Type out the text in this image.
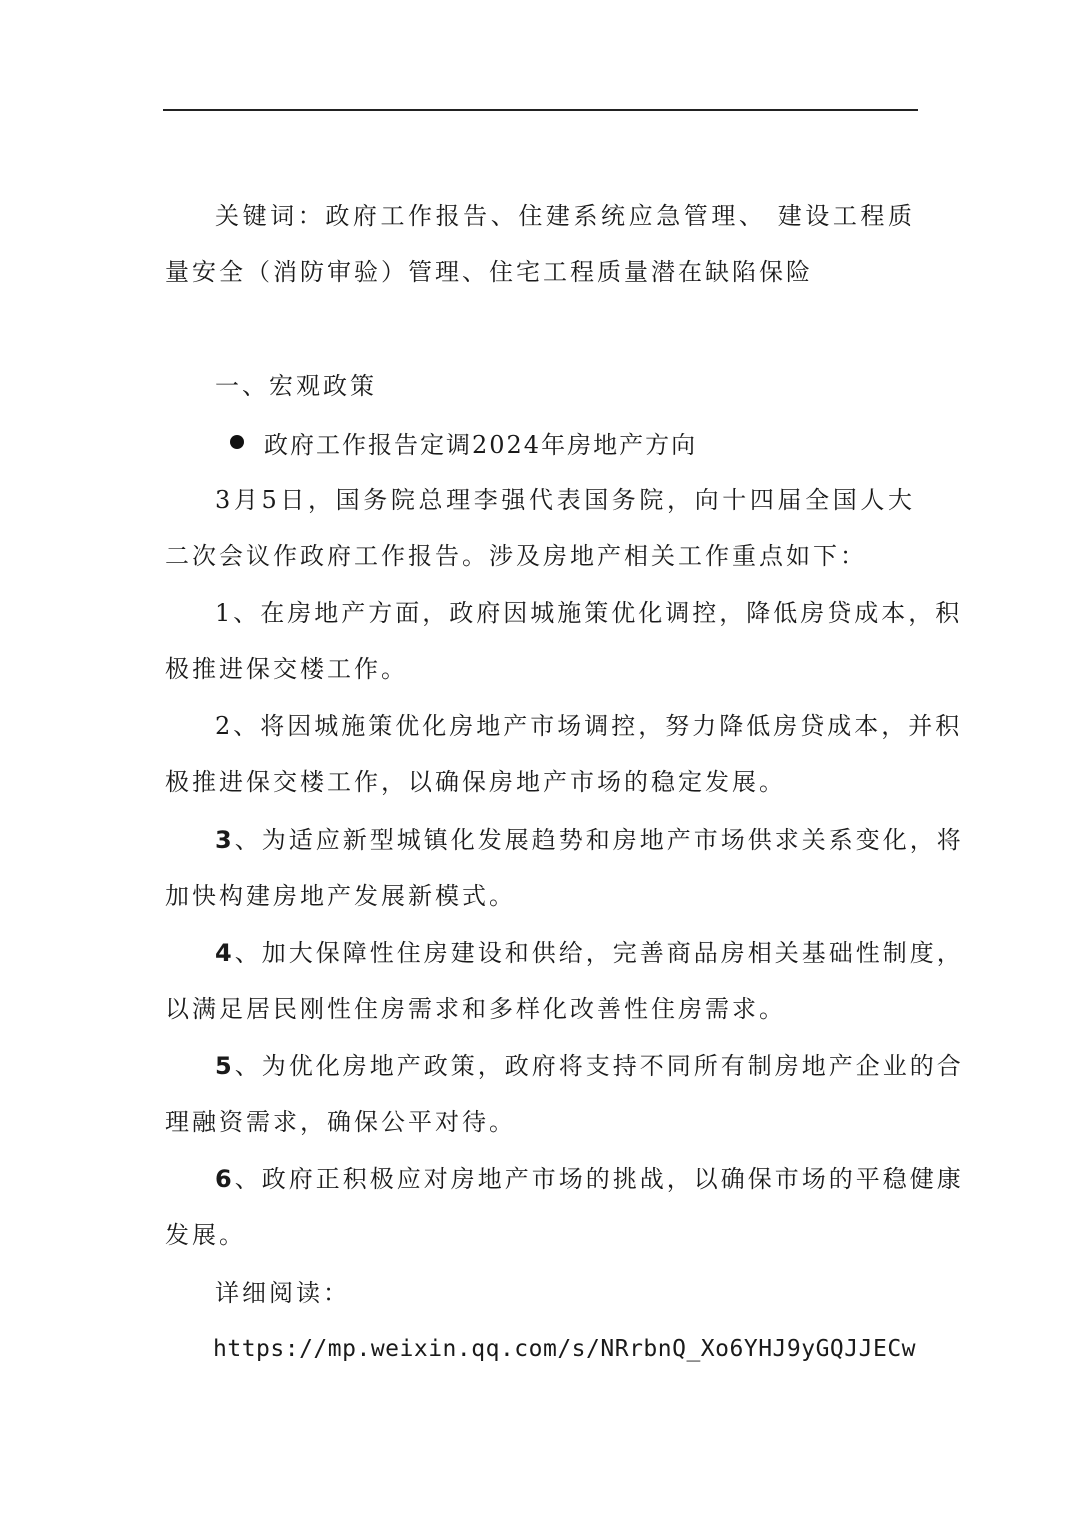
关键词：政府工作报告、住建系统应急管理、 建设工程质
量安全（消防审验）管理、住宅工程质量潜在缺陷保险
一、宏观政策
政府工作报告定调2024年房地产方向
3月5日，国务院总理李强代表国务院，向十四届全国人大
二次会议作政府工作报告。涉及房地产相关工作重点如下：
1、在房地产方面，政府因城施策优化调控，降低房贷成本，积
极推进保交楼工作。
2、将因城施策优化房地产市场调控，努力降低房贷成本，并积
极推进保交楼工作，以确保房地产市场的稳定发展。
3、为适应新型城镇化发展趋势和房地产市场供求关系变化，将
加快构建房地产发展新模式。
4、加大保障性住房建设和供给，完善商品房相关基础性制度，
以满足居民刚性住房需求和多样化改善性住房需求。
5、为优化房地产政策，政府将支持不同所有制房地产企业的合
理融资需求，确保公平对待。
6、政府正积极应对房地产市场的挑战，以确保市场的平稳健康
发展。
详细阅读：
https://mp.weixin.qq.com/s/NRrbnQ_Xo6YHJ9yGQJJECw
